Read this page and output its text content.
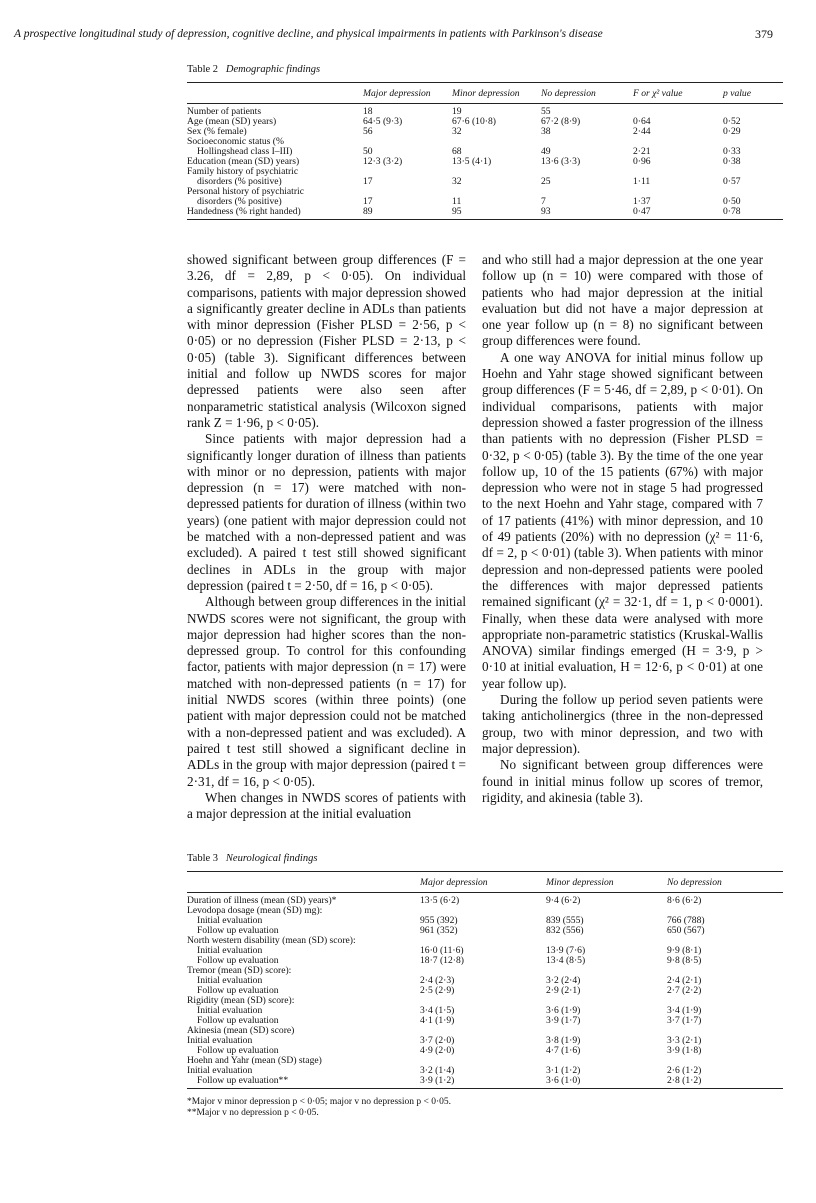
A prospective longitudinal study of depression, cognitive decline, and physical impairments in patients with Parkinson's disease	379
Table 2 Demographic findings
	Major depression	Minor depression	No depression	F or χ² value	p value
Number of patients	18	19	55		
Age (mean (SD) years)	64·5 (9·3)	67·6 (10·8)	67·2 (8·9)	0·64	0·52
Sex (% female)	56	32	38	2·44	0·29
Socioeconomic status (%					
Hollingshead class I–III)	50	68	49	2·21	0·33
Education (mean (SD) years)	12·3 (3·2)	13·5 (4·1)	13·6 (3·3)	0·96	0·38
Family history of psychiatric					
disorders (% positive)	17	32	25	1·11	0·57
Personal history of psychiatric					
disorders (% positive)	17	11	7	1·37	0·50
Handedness (% right handed)	89	95	93	0·47	0·78

showed significant between group differences (F = 3.26, df = 2,89, p < 0·05). On individual comparisons, patients with major depression showed a significantly greater decline in ADLs than patients with minor depression (Fisher PLSD = 2·56, p < 0·05) or no depression (Fisher PLSD = 2·13, p < 0·05) (table 3). Significant differences between initial and follow up NWDS scores for major depressed patients were also seen after nonparametric statistical analysis (Wilcoxon signed rank Z = 1·96, p < 0·05).

Since patients with major depression had a significantly longer duration of illness than patients with minor or no depression, patients with major depression (n = 17) were matched with non-depressed patients for duration of illness (within two years) (one patient with major depression could not be matched with a non-depressed patient and was excluded). A paired t test still showed significant declines in ADLs in the group with major depression (paired t = 2·50, df = 16, p < 0·05).

Although between group differences in the initial NWDS scores were not significant, the group with major depression had higher scores than the non-depressed group. To control for this confounding factor, patients with major depression (n = 17) were matched with non-depressed patients (n = 17) for initial NWDS scores (within three points) (one patient with major depression could not be matched with a non-depressed patient and was excluded). A paired t test still showed a significant decline in ADLs in the group with major depression (paired t = 2·31, df = 16, p < 0·05).

When changes in NWDS scores of patients with a major depression at the initial evaluation

and who still had a major depression at the one year follow up (n = 10) were compared with those of patients who had major depression at the initial evaluation but did not have a major depression at one year follow up (n = 8) no significant between group differences were found.

A one way ANOVA for initial minus follow up Hoehn and Yahr stage showed significant between group differences (F = 5·46, df = 2,89, p < 0·01). On individual comparisons, patients with major depression showed a faster progression of the illness than patients with no depression (Fisher PLSD = 0·32, p < 0·05) (table 3). By the time of the one year follow up, 10 of the 15 patients (67%) with major depression who were not in stage 5 had progressed to the next Hoehn and Yahr stage, compared with 7 of 17 patients (41%) with minor depression, and 10 of 49 patients (20%) with no depression (χ² = 11·6, df = 2, p < 0·01) (table 3). When patients with minor depression and non-depressed patients were pooled the differences with major depressed patients remained significant (χ² = 32·1, df = 1, p < 0·0001). Finally, when these data were analysed with more appropriate non-parametric statistics (Kruskal-Wallis ANOVA) similar findings emerged (H = 3·9, p > 0·10 at initial evaluation, H = 12·6, p < 0·01) at one year follow up).

During the follow up period seven patients were taking anticholinergics (three in the non-depressed group, two with minor depression, and two with major depression).

No significant between group differences were found in initial minus follow up scores of tremor, rigidity, and akinesia (table 3).

Table 3 Neurological findings
	Major depression	Minor depression	No depression
Duration of illness (mean (SD) years)*	13·5 (6·2)	9·4 (6·2)	8·6 (6·2)
Levodopa dosage (mean (SD) mg):			
Initial evaluation	955 (392)	839 (555)	766 (788)
Follow up evaluation	961 (352)	832 (556)	650 (567)
North western disability (mean (SD) score):			
Initial evaluation	16·0 (11·6)	13·9 (7·6)	9·9 (8·1)
Follow up evaluation	18·7 (12·8)	13·4 (8·5)	9·8 (8·5)
Tremor (mean (SD) score):			
Initial evaluation	2·4 (2·3)	3·2 (2·4)	2·4 (2·1)
Follow up evaluation	2·5 (2·9)	2·9 (2·1)	2·7 (2·2)
Rigidity (mean (SD) score):			
Initial evaluation	3·4 (1·5)	3·6 (1·9)	3·4 (1·9)
Follow up evaluation	4·1 (1·9)	3·9 (1·7)	3·7 (1·7)
Akinesia (mean (SD) score)			
Initial evaluation	3·7 (2·0)	3·8 (1·9)	3·3 (2·1)
Follow up evaluation	4·9 (2·0)	4·7 (1·6)	3·9 (1·8)
Hoehn and Yahr (mean (SD) stage)			
Initial evaluation	3·2 (1·4)	3·1 (1·2)	2·6 (1·2)
Follow up evaluation**	3·9 (1·2)	3·6 (1·0)	2·8 (1·2)
*Major v minor depression p < 0·05; major v no depression p < 0·05.
**Major v no depression p < 0·05.
